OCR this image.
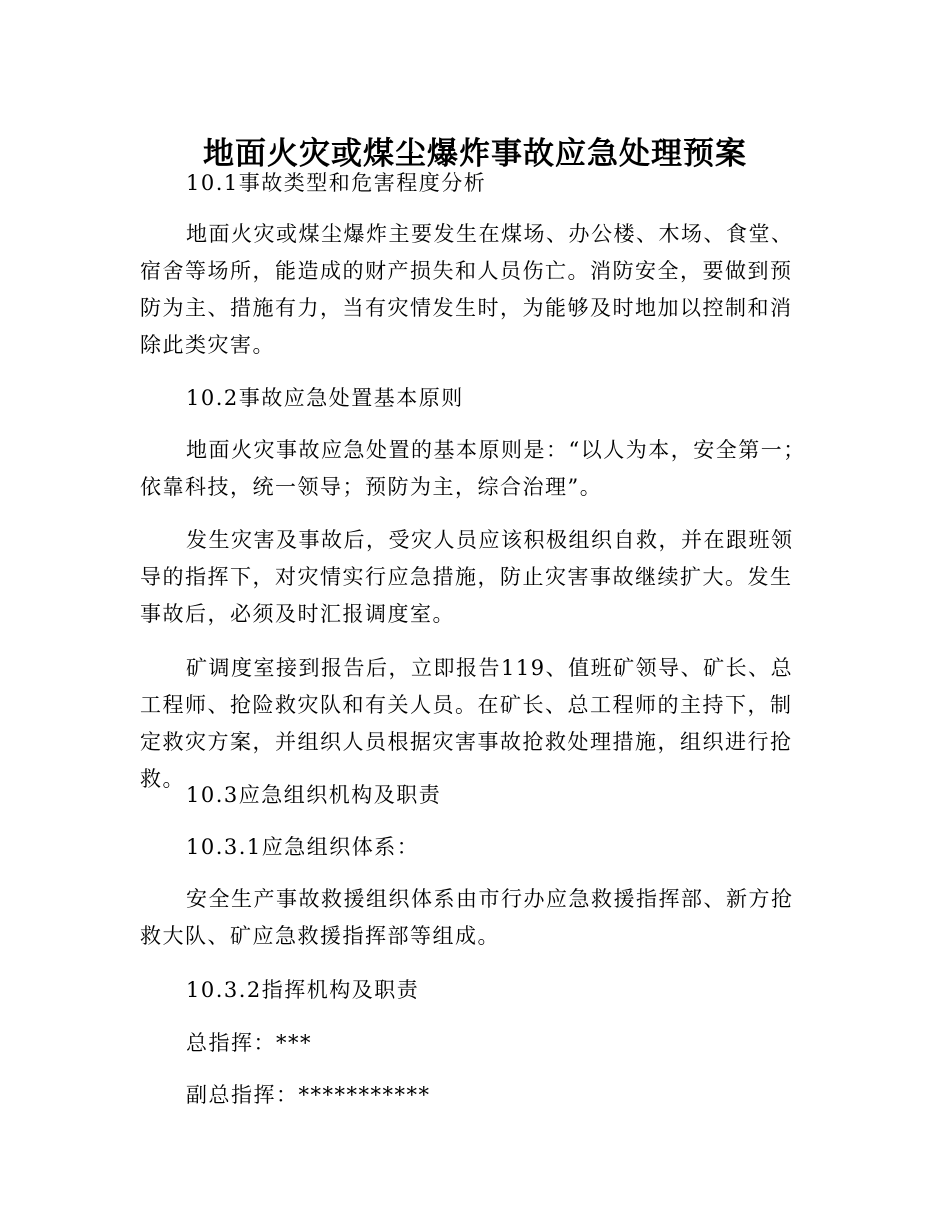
地面火灾或煤尘爆炸事故应急处理预案

10.1事故类型和危害程度分析

地面火灾或煤尘爆炸主要发生在煤场、办公楼、木场、食堂、宿舍等场所，能造成的财产损失和人员伤亡。消防安全，要做到预防为主、措施有力，当有灾情发生时，为能够及时地加以控制和消除此类灾害。

10.2事故应急处置基本原则

地面火灾事故应急处置的基本原则是：“以人为本，安全第一；依靠科技，统一领导；预防为主，综合治理”。

发生灾害及事故后，受灾人员应该积极组织自救，并在跟班领导的指挥下，对灾情实行应急措施，防止灾害事故继续扩大。发生事故后，必须及时汇报调度室。

矿调度室接到报告后，立即报告119、值班矿领导、矿长、总工程师、抢险救灾队和有关人员。在矿长、总工程师的主持下，制定救灾方案，并组织人员根据灾害事故抢救处理措施，组织进行抢救。

10.3应急组织机构及职责

10.3.1应急组织体系：

安全生产事故救援组织体系由市行办应急救援指挥部、新方抢救大队、矿应急救援指挥部等组成。

10.3.2指挥机构及职责

总指挥：***

副总指挥：***********
